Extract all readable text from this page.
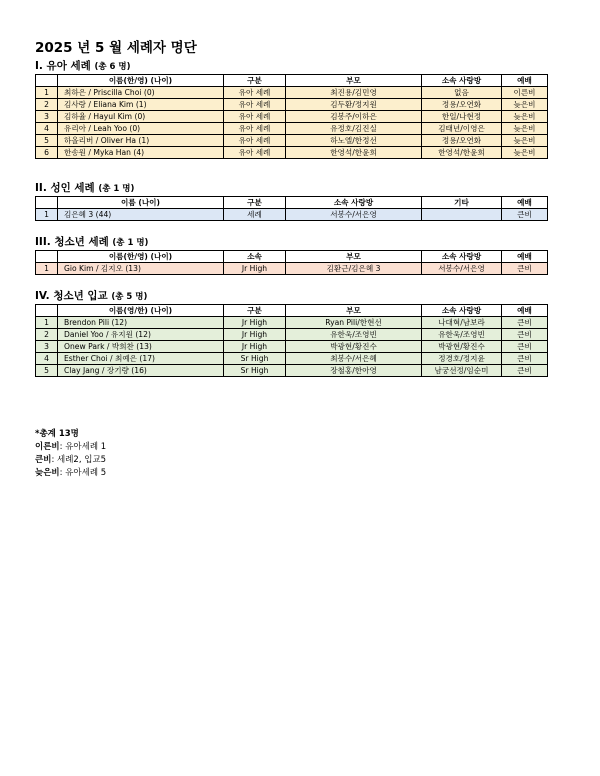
2025 년 5 월 세례자 명단
I. 유아 세례 (총 6 명)
	이름(한/영) (나이)	구분	부모	소속 사랑방	예배
1	최하은 / Priscilla Choi (0)	유아 세례	최진용/김민영	없음	이른비
2	김사랑 / Eliana Kim (1)	유아 세례	김두환/정지원	정용/오연화	늦은비
3	김하율 / Hayul Kim (0)	유아 세례	김봉주/이하은	한일/나현정	늦은비
4	유리아 / Leah Yoo (0)	유아 세례	유정호/김진실	김태년/이영은	늦은비
5	하올리버 / Oliver Ha (1)	유아 세례	하노엘/한정선	정용/오연화	늦은비
6	한송원 / Myka Han (4)	유아 세례	한영석/한윤희	한영석/한윤희	늦은비
II. 성인 세례 (총 1 명)
	이름 (나이)	구분	소속 사랑방	기타	예배
1	김은혜 3 (44)	세례	서봉수/서은영		큰비
III. 청소년 세례 (총 1 명)
	이름(한/영) (나이)	소속	부모	소속 사랑방	예배
1	Gio Kim / 김지오 (13)	Jr High	김환근/김은혜 3	서봉수/서은영	큰비
IV. 청소년 입교 (총 5 명)
	이름(영/한) (나이)	구분	부모	소속 사랑방	예배
1	Brendon Pili (12)	Jr High	Ryan Pili/한현선	나대혁/남보라	큰비
2	Daniel Yoo / 유지원 (12)	Jr High	유한욱/조영빈	유한욱/조영빈	큰비
3	Onew Park / 박희찬 (13)	Jr High	박광현/황진수	박광현/황진수	큰비
4	Esther Choi / 최예은 (17)	Sr High	최봉수/서은혜	정경호/정지윤	큰비
5	Clay Jang / 장기량 (16)	Sr High	장철홍/한아영	남궁선정/임순미	큰비
*총계 13명
이른비: 유아세례 1
큰비: 세례2, 입교5
늦은비: 유아세례 5
